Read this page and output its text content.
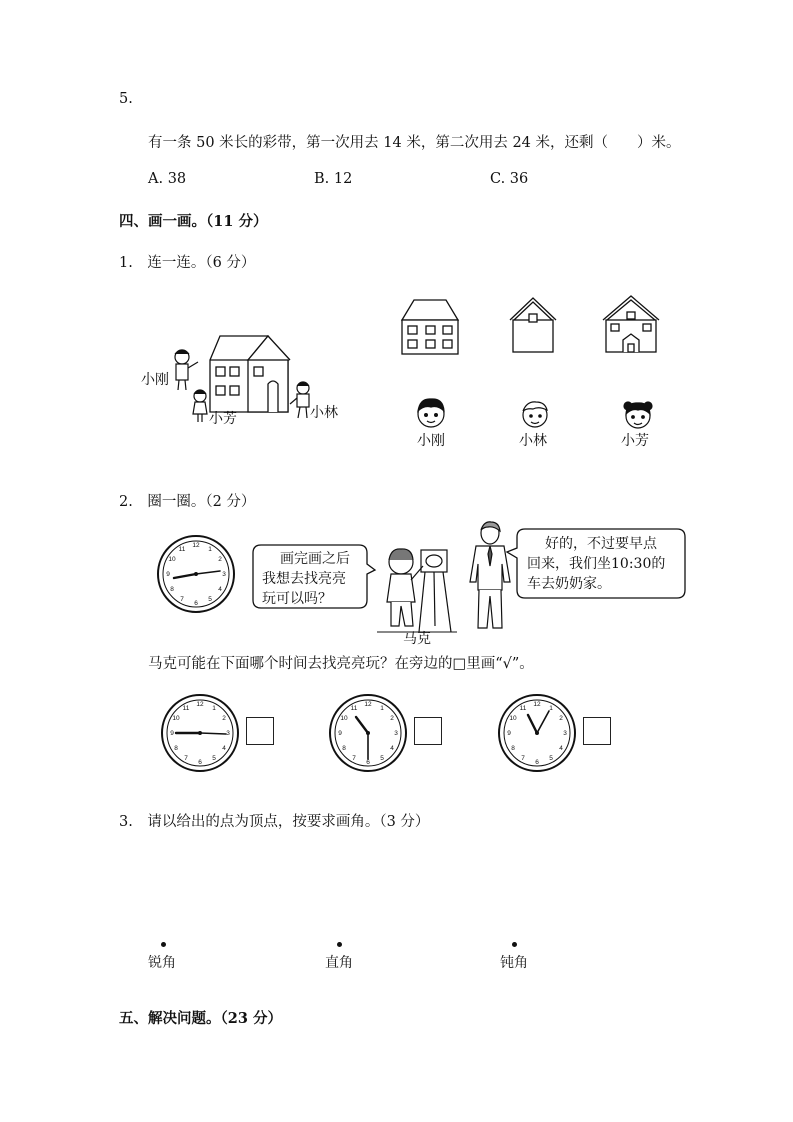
5.
有一条 50 米长的彩带，第一次用去 14 米，第二次用去 24 米，还剩（　　）米。
A. 38	B. 12	C. 36
四、画一画。（11 分）
1.　连一连。（6 分）
小刚
小芳	小林
小刚	小林	小芳
2.　圈一圈。（2 分）
12
1
2
3
4
5
6
7
8
9
10
11
画完画之后
我想去找亮亮
玩可以吗？
马克
好的，不过要早点
回来，我们坐10:30的
车去奶奶家。
马克可能在下面哪个时间去找亮亮玩？在旁边的□里画“√”。
12
1
2
3
4
5
6
7
8
9
10
11
12
1
2
3
4
5
6
7
8
9
10
11
12
1
2
3
4
5
6
7
8
9
10
11
3.　请以给出的点为顶点，按要求画角。（3 分）
锐角	直角	钝角
五、解决问题。（23 分）
